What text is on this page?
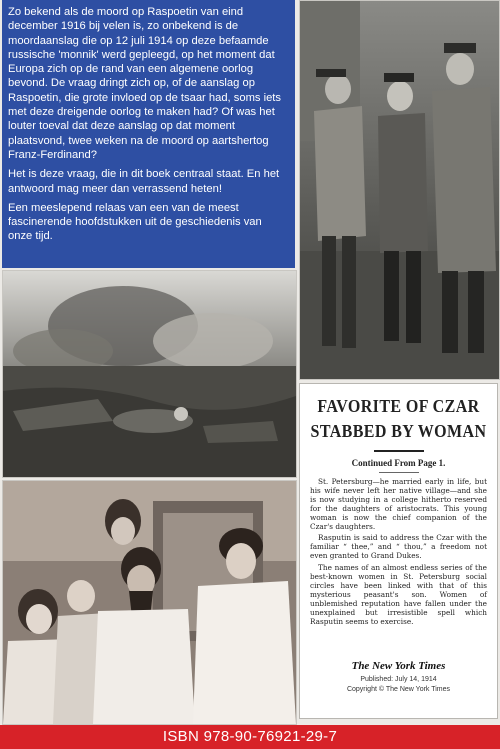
Zo bekend als de moord op Raspoetin van eind december 1916 bij velen is, zo onbekend is de moordaanslag die op 12 juli 1914 op deze befaamde russische 'monnik' werd gepleegd, op het moment dat Europa zich op de rand van een algemene oorlog bevond. De vraag dringt zich op, of de aanslag op Raspoetin, die grote invloed op de tsaar had, soms iets met deze dreigende oorlog te maken had? Of was het louter toeval dat deze aanslag op dat moment plaatsvond, twee weken na de moord op aartshertog Franz-Ferdinand?

Het is deze vraag, die in dit boek centraal staat. En het antwoord mag meer dan verrassend heten!

Een meeslepend relaas van een van de meest fascinerende hoofdstukken uit de geschiedenis van onze tijd.

FAVORITE OF CZAR
STABBED BY WOMAN
Continued From Page 1.

St. Petersburg—he married early in life, but his wife never left her native village—and she is now studying in a college hitherto reserved for the daughters of aristocrats. This young woman is now the chief companion of the Czar's daughters.

Rasputin is said to address the Czar with the familiar “ thee,” and “ thou,” a freedom not even granted to Grand Dukes.

The names of an almost endless series of the best-known women in St. Petersburg social circles have been linked with that of this mysterious peasant's son. Women of unblemished reputation have fallen under the unexplained but irresistible spell which Rasputin seems to exercise.

The New York Times
Published: July 14, 1914
Copyright © The New York Times
ISBN 978-90-76921-29-7
